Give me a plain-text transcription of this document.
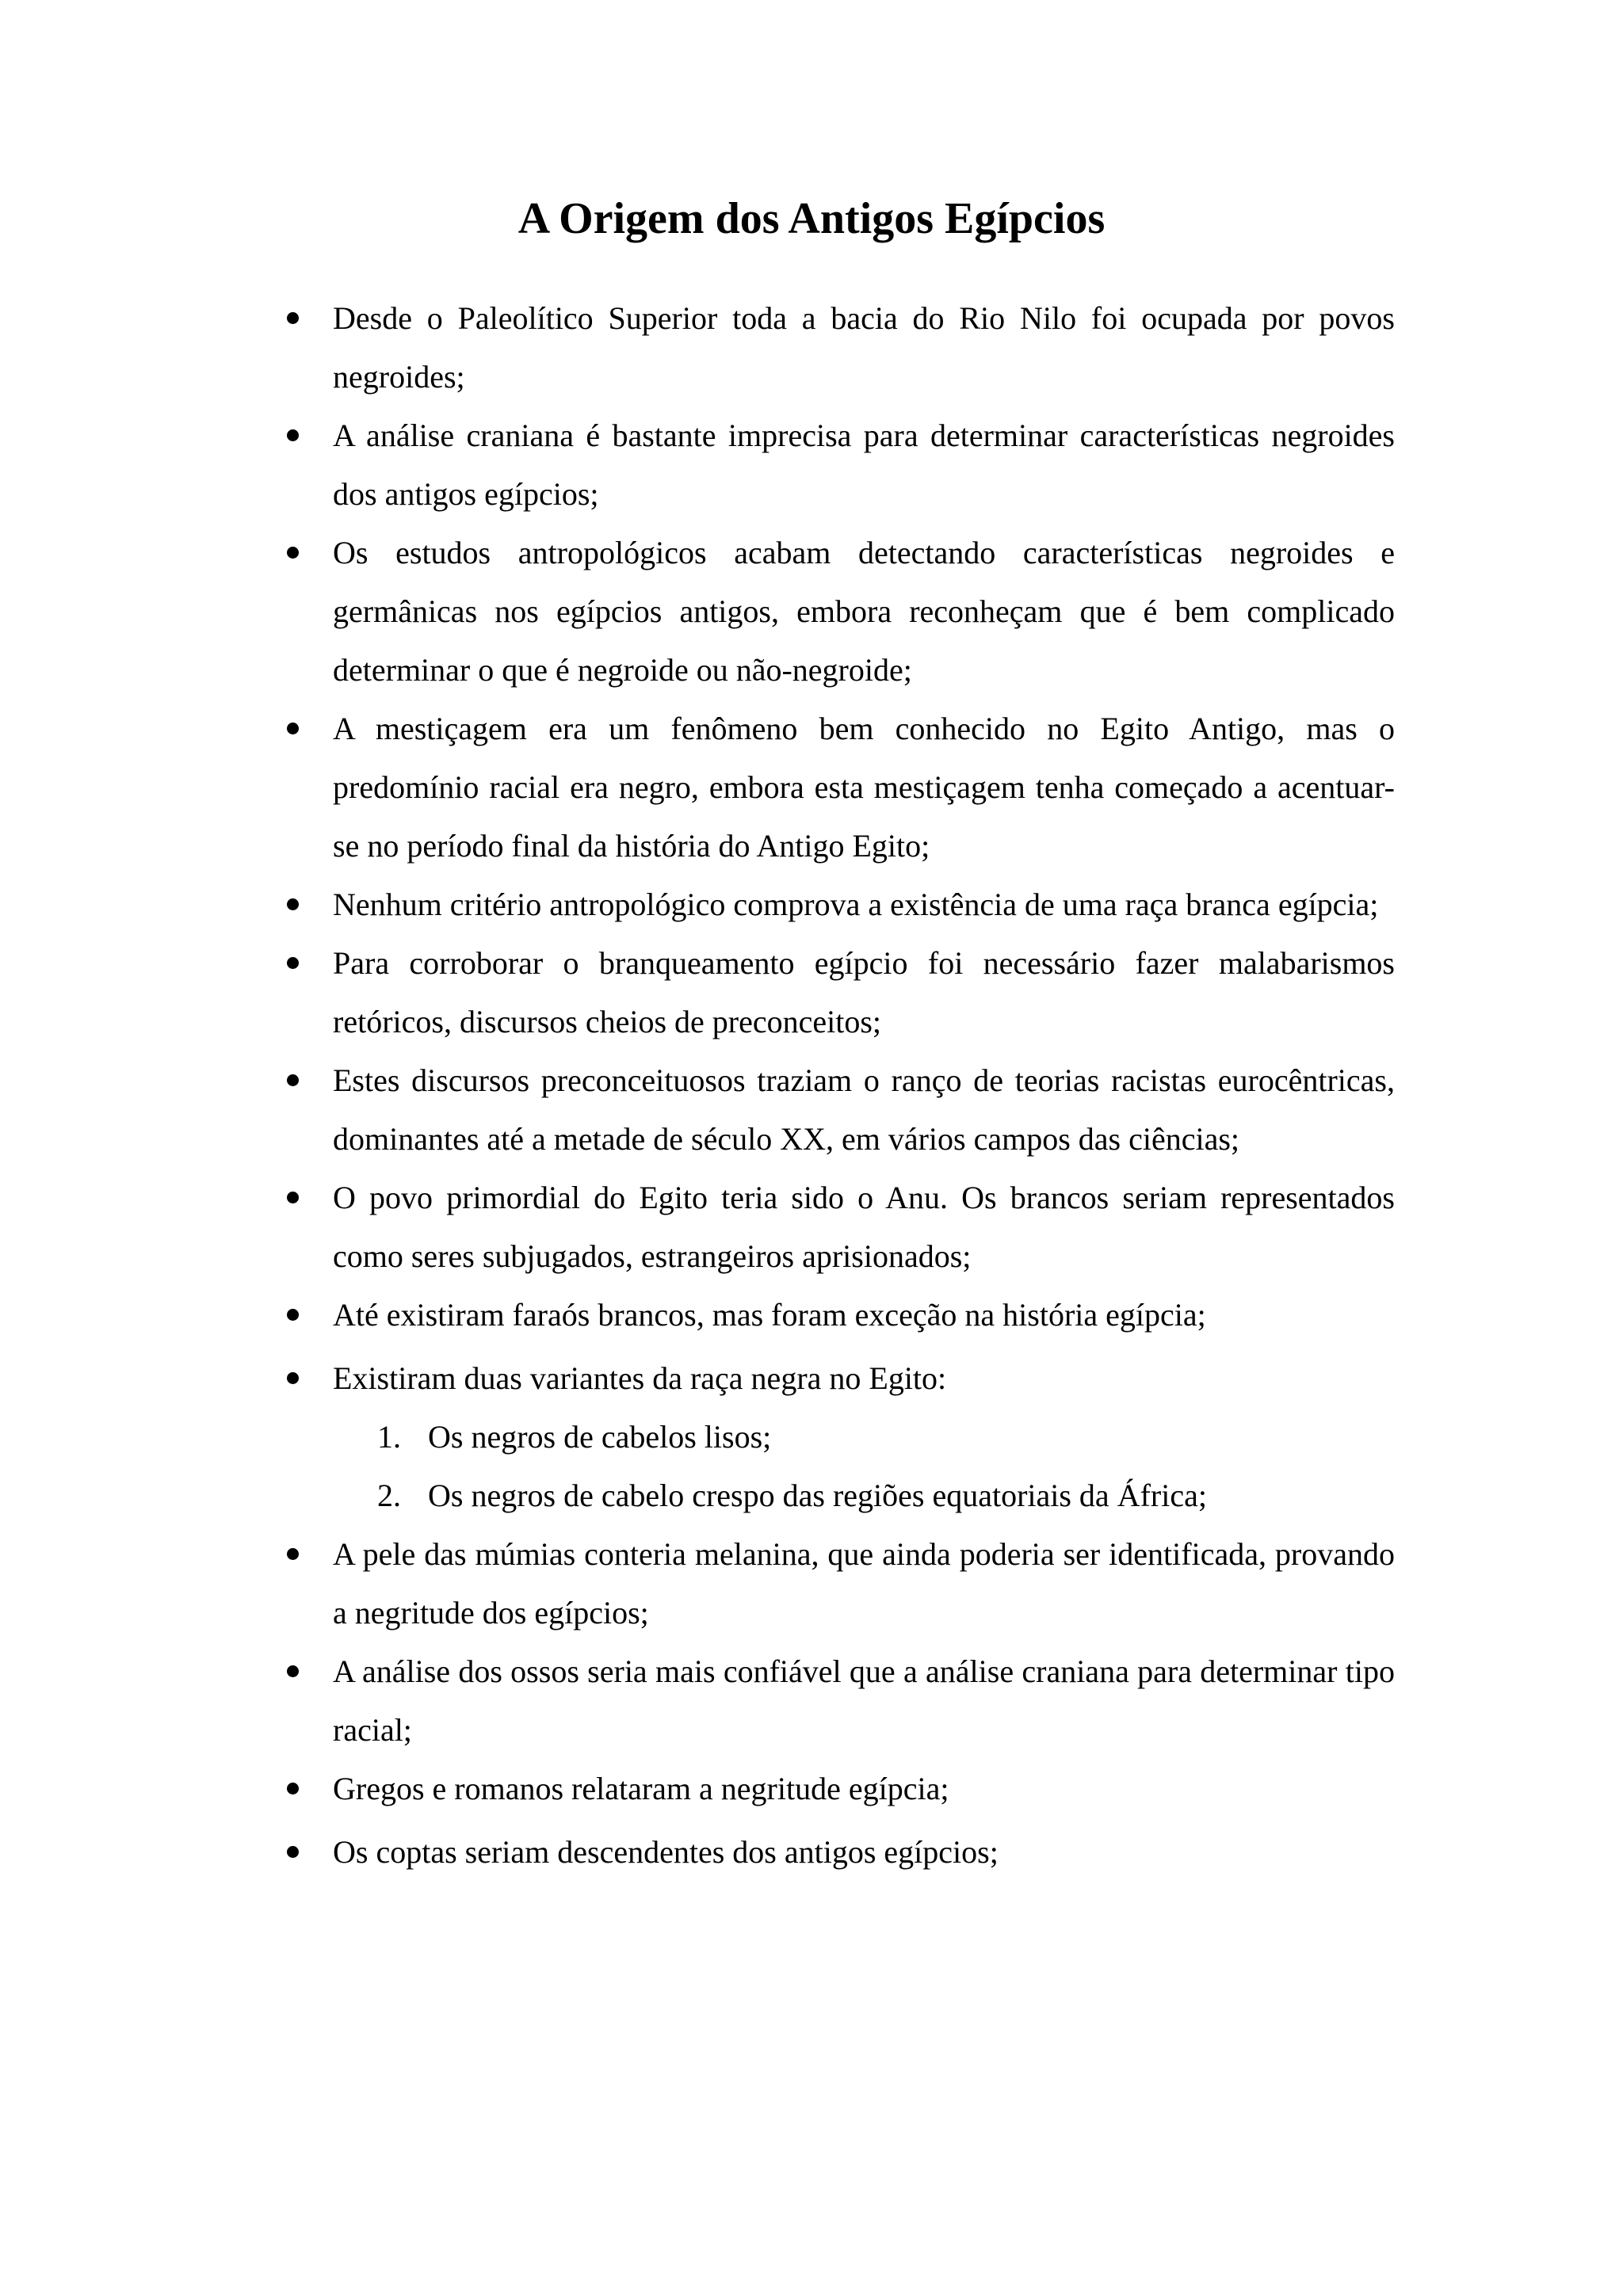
A Origem dos Antigos Egípcios
Desde o Paleolítico Superior toda a bacia do Rio Nilo foi ocupada por povos negroides;
A análise craniana é bastante imprecisa para determinar características negroides dos antigos egípcios;
Os estudos antropológicos acabam detectando características negroides e germânicas nos egípcios antigos, embora reconheçam que é bem complicado determinar o que é negroide ou não-negroide;
A mestiçagem era um fenômeno bem conhecido no Egito Antigo, mas o predomínio racial era negro, embora esta mestiçagem tenha começado a acentuar-se no período final da história do Antigo Egito;
Nenhum critério antropológico comprova a existência de uma raça branca egípcia;
Para corroborar o branqueamento egípcio foi necessário fazer malabarismos retóricos, discursos cheios de preconceitos;
Estes discursos preconceituosos traziam o ranço de teorias racistas eurocêntricas, dominantes até a metade de século XX, em vários campos das ciências;
O povo primordial do Egito teria sido o Anu. Os brancos seriam representados como seres subjugados, estrangeiros aprisionados;
Até existiram faraós brancos, mas foram exceção na história egípcia;
Existiram duas variantes da raça negra no Egito:
1. Os negros de cabelos lisos;
2. Os negros de cabelo crespo das regiões equatoriais da África;
A pele das múmias conteria melanina, que ainda poderia ser identificada, provando a negritude dos egípcios;
A análise dos ossos seria mais confiável que a análise craniana para determinar tipo racial;
Gregos e romanos relataram a negritude egípcia;
Os coptas seriam descendentes dos antigos egípcios;
